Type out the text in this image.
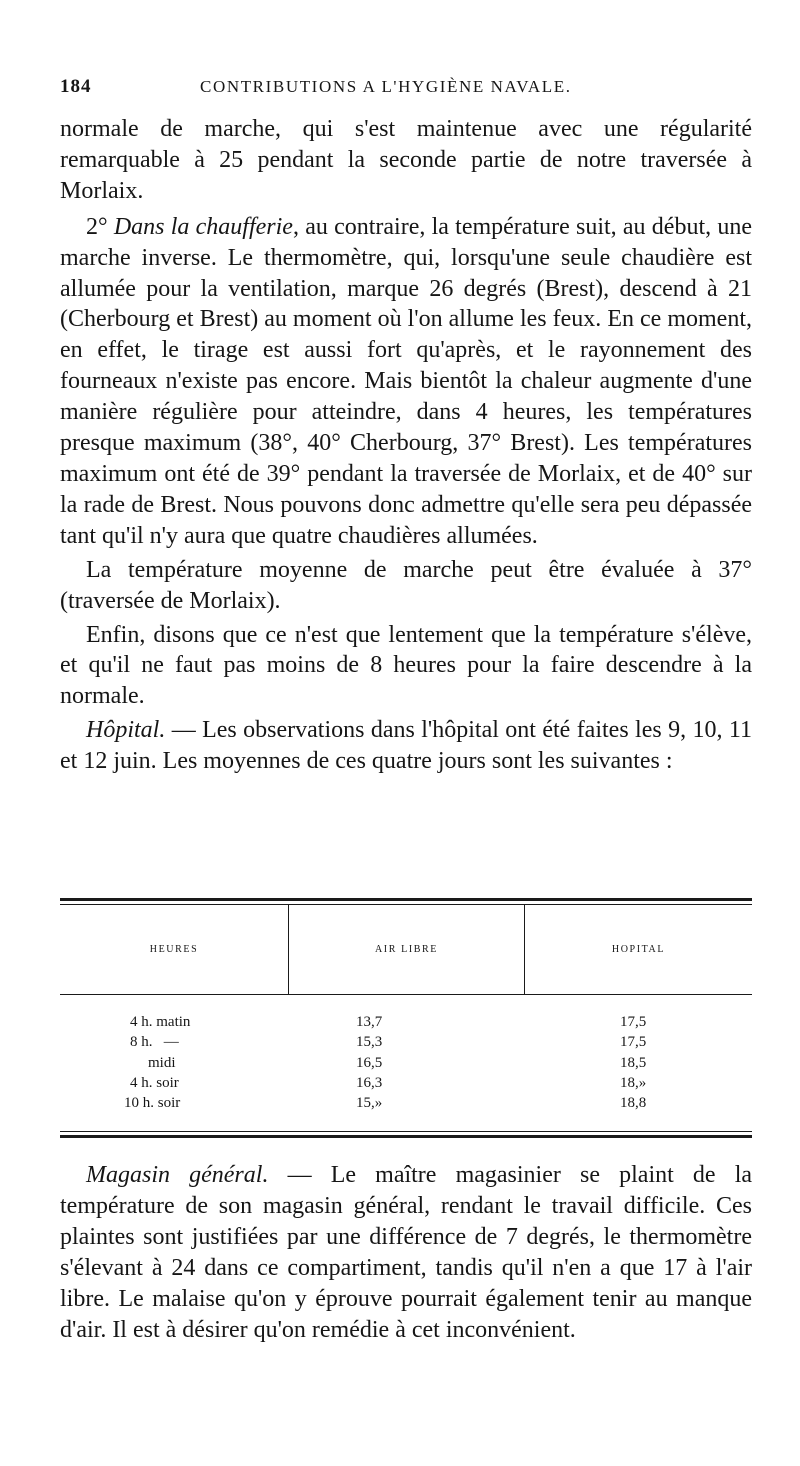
184	CONTRIBUTIONS A L'HYGIÈNE NAVALE.

normale de marche, qui s'est maintenue avec une régularité remarquable à 25 pendant la seconde partie de notre traversée à Morlaix.

2° Dans la chaufferie, au contraire, la température suit, au début, une marche inverse. Le thermomètre, qui, lorsqu'une seule chaudière est allumée pour la ventilation, marque 26 degrés (Brest), descend à 21 (Cherbourg et Brest) au moment où l'on allume les feux. En ce moment, en effet, le tirage est aussi fort qu'après, et le rayonnement des fourneaux n'existe pas encore. Mais bientôt la chaleur augmente d'une manière régulière pour atteindre, dans 4 heures, les températures presque maximum (38°, 40° Cherbourg, 37° Brest). Les températures maximum ont été de 39° pendant la traversée de Morlaix, et de 40° sur la rade de Brest. Nous pouvons donc admettre qu'elle sera peu dépassée tant qu'il n'y aura que quatre chaudières allumées.

La température moyenne de marche peut être évaluée à 37° (traversée de Morlaix).

Enfin, disons que ce n'est que lentement que la température s'élève, et qu'il ne faut pas moins de 8 heures pour la faire descendre à la normale.

Hôpital. — Les observations dans l'hôpital ont été faites les 9, 10, 11 et 12 juin. Les moyennes de ces quatre jours sont les suivantes :

HEURES	AIR LIBRE	HOPITAL
4 h. matin	13,7	17,5
8 h.   —	15,3	17,5
midi	16,5	18,5
4 h. soir	16,3	18,»
10 h. soir	15,»	18,8

Magasin général. — Le maître magasinier se plaint de la température de son magasin général, rendant le travail difficile. Ces plaintes sont justifiées par une différence de 7 degrés, le thermomètre s'élevant à 24 dans ce compartiment, tandis qu'il n'en a que 17 à l'air libre. Le malaise qu'on y éprouve pourrait également tenir au manque d'air. Il est à désirer qu'on remédie à cet inconvénient.
